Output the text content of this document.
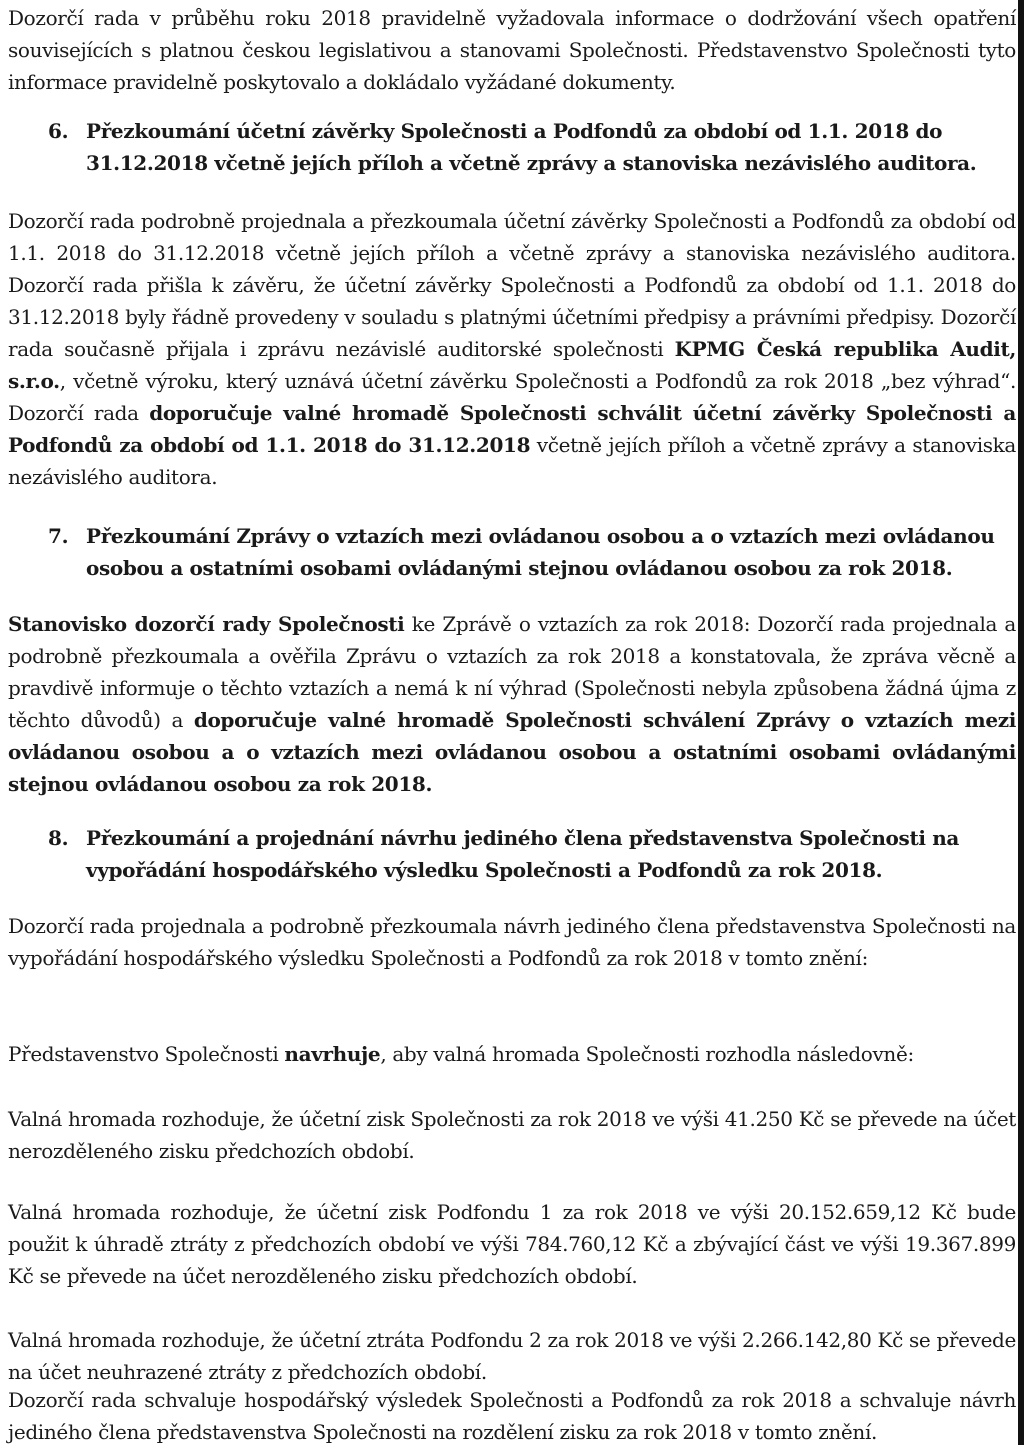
Dozorčí rada v průběhu roku 2018 pravidelně vyžadovala informace o dodržování všech opatření souvisejících s platnou českou legislativou a stanovami Společnosti. Představenstvo Společnosti tyto informace pravidelně poskytovalo a dokládalo vyžádané dokumenty.

6. Přezkoumání účetní závěrky Společnosti a Podfondů za období od 1.1. 2018 do 31.12.2018 včetně jejích příloh a včetně zprávy a stanoviska nezávislého auditora.

Dozorčí rada podrobně projednala a přezkoumala účetní závěrky Společnosti a Podfondů za období od 1.1. 2018 do 31.12.2018 včetně jejích příloh a včetně zprávy a stanoviska nezávislého auditora. Dozorčí rada přišla k závěru, že účetní závěrky Společnosti a Podfondů za období od 1.1. 2018 do 31.12.2018 byly řádně provedeny v souladu s platnými účetními předpisy a právními předpisy. Dozorčí rada současně přijala i zprávu nezávislé auditorské společnosti KPMG Česká republika Audit, s.r.o., včetně výroku, který uznává účetní závěrku Společnosti a Podfondů za rok 2018 „bez výhrad“. Dozorčí rada doporučuje valné hromadě Společnosti schválit účetní závěrky Společnosti a Podfondů za období od 1.1. 2018 do 31.12.2018 včetně jejích příloh a včetně zprávy a stanoviska nezávislého auditora.

7. Přezkoumání Zprávy o vztazích mezi ovládanou osobou a o vztazích mezi ovládanou osobou a ostatními osobami ovládanými stejnou ovládanou osobou za rok 2018.

Stanovisko dozorčí rady Společnosti ke Zprávě o vztazích za rok 2018: Dozorčí rada projednala a podrobně přezkoumala a ověřila Zprávu o vztazích za rok 2018 a konstatovala, že zpráva věcně a pravdivě informuje o těchto vztazích a nemá k ní výhrad (Společnosti nebyla způsobena žádná újma z těchto důvodů) a doporučuje valné hromadě Společnosti schválení Zprávy o vztazích mezi ovládanou osobou a o vztazích mezi ovládanou osobou a ostatními osobami ovládanými stejnou ovládanou osobou za rok 2018.

8. Přezkoumání a projednání návrhu jediného člena představenstva Společnosti na vypořádání hospodářského výsledku Společnosti a Podfondů za rok 2018.

Dozorčí rada projednala a podrobně přezkoumala návrh jediného člena představenstva Společnosti na vypořádání hospodářského výsledku Společnosti a Podfondů za rok 2018 v tomto znění:

Představenstvo Společnosti navrhuje, aby valná hromada Společnosti rozhodla následovně:

Valná hromada rozhoduje, že účetní zisk Společnosti za rok 2018 ve výši 41.250 Kč se převede na účet nerozděleného zisku předchozích období.

Valná hromada rozhoduje, že účetní zisk Podfondu 1 za rok 2018 ve výši 20.152.659,12 Kč bude použit k úhradě ztráty z předchozích období ve výši 784.760,12 Kč a zbývající část ve výši 19.367.899 Kč se převede na účet nerozděleného zisku předchozích období.

Valná hromada rozhoduje, že účetní ztráta Podfondu 2 za rok 2018 ve výši 2.266.142,80 Kč se převede na účet neuhrazené ztráty z předchozích období.

Dozorčí rada schvaluje hospodářský výsledek Společnosti a Podfondů za rok 2018 a schvaluje návrh jediného člena představenstva Společnosti na rozdělení zisku za rok 2018 v tomto znění.
